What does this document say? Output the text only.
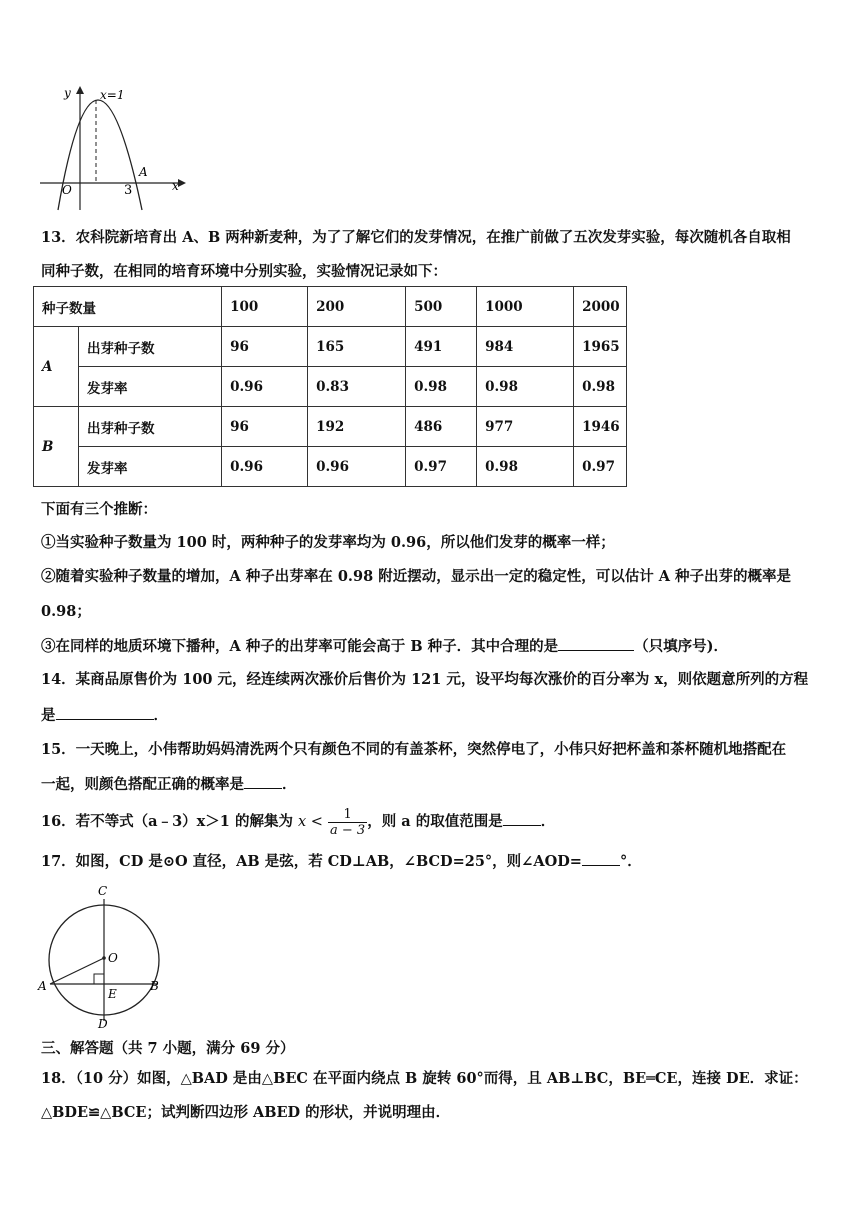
y
x
x=1
O	3
A
13．农科院新培育出 A、B 两种新麦种，为了了解它们的发芽情况，在推广前做了五次发芽实验，每次随机各自取相
同种子数，在相同的培育环境中分别实验，实验情况记录如下：
种子数量		100	200	500	1000	2000
A	出芽种子数	96	165	491	984	1965
	发芽率	0.96	0.83	0.98	0.98	0.98
B	出芽种子数	96	192	486	977	1946
	发芽率	0.96	0.96	0.97	0.98	0.97
下面有三个推断：
①当实验种子数量为 100 时，两种种子的发芽率均为 0.96，所以他们发芽的概率一样；
②随着实验种子数量的增加，A 种子出芽率在 0.98 附近摆动，显示出一定的稳定性，可以估计 A 种子出芽的概率是
0.98；
③在同样的地质环境下播种，A 种子的出芽率可能会高于 B 种子．其中合理的是	（只填序号)．
14．某商品原售价为 100 元，经连续两次涨价后售价为 121 元，设平均每次涨价的百分率为 x，则依题意所列的方程
是	．
15．一天晚上，小伟帮助妈妈清洗两个只有颜色不同的有盖茶杯，突然停电了，小伟只好把杯盖和茶杯随机地搭配在
一起，则颜色搭配正确的概率是	．
16．若不等式（a﹣3）x＞1 的解集为 $x < \frac{1}{a - 3}$ ，则 a 的取值范围是	．
17．如图，CD 是⊙O 直径，AB 是弦，若 CD⊥AB，∠BCD=25°，则∠AOD=	°．
C
O
A
E
B
D
三、解答题（共 7 小题，满分 69 分）
18．（10 分）如图，△BAD 是由△BEC 在平面内绕点 B 旋转 60°而得，且 AB⊥BC，BE═CE，连接 DE．求证：
△BDE≌△BCE；试判断四边形 ABED 的形状，并说明理由．
